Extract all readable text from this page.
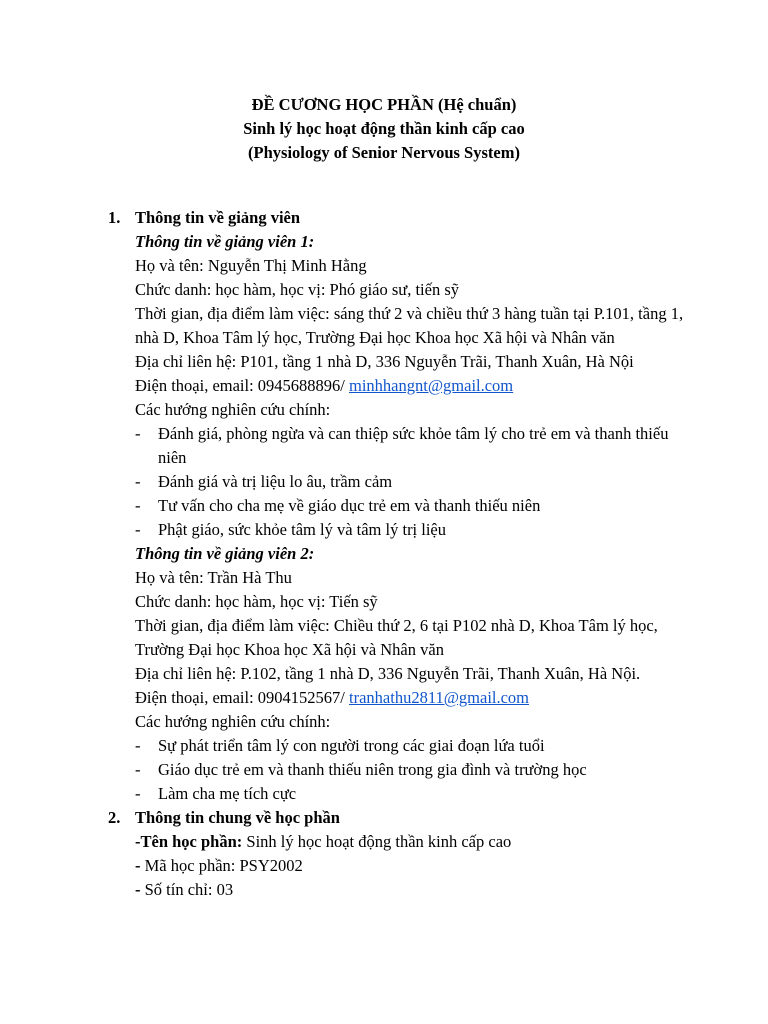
ĐỀ CƯƠNG HỌC PHẦN (Hệ chuẩn)
Sinh lý học hoạt động thần kinh cấp cao
(Physiology of Senior Nervous System)
1. Thông tin về giảng viên
Thông tin về giảng viên 1:
Họ và tên: Nguyễn Thị Minh Hằng
Chức danh: học hàm, học vị: Phó giáo sư, tiến sỹ
Thời gian, địa điểm làm việc: sáng thứ 2 và chiều thứ 3 hàng tuần tại P.101, tầng 1, nhà D, Khoa Tâm lý học, Trường Đại học Khoa học Xã hội và Nhân văn
Địa chỉ liên hệ: P101, tầng 1 nhà D, 336 Nguyễn Trãi, Thanh Xuân, Hà Nội
Điện thoại, email: 0945688896/ minhhangnt@gmail.com
Các hướng nghiên cứu chính:
- Đánh giá, phòng ngừa và can thiệp sức khỏe tâm lý cho trẻ em và thanh thiếu niên
- Đánh giá và trị liệu lo âu, trầm cảm
- Tư vấn cho cha mẹ về giáo dục trẻ em và thanh thiếu niên
- Phật giáo, sức khỏe tâm lý và tâm lý trị liệu
Thông tin về giảng viên 2:
Họ và tên: Trần Hà Thu
Chức danh: học hàm, học vị: Tiến sỹ
Thời gian, địa điểm làm việc: Chiều thứ 2, 6 tại P102 nhà D, Khoa Tâm lý học, Trường Đại học Khoa học Xã hội và Nhân văn
Địa chỉ liên hệ: P.102, tầng 1 nhà D, 336 Nguyễn Trãi, Thanh Xuân, Hà Nội.
Điện thoại, email: 0904152567/ tranhathu2811@gmail.com
Các hướng nghiên cứu chính:
- Sự phát triển tâm lý con người trong các giai đoạn lứa tuổi
- Giáo dục trẻ em và thanh thiếu niên trong gia đình và trường học
- Làm cha mẹ tích cực
2. Thông tin chung về học phần
-Tên học phần: Sinh lý học hoạt động thần kinh cấp cao
- Mã học phần: PSY2002
- Số tín chỉ: 03
